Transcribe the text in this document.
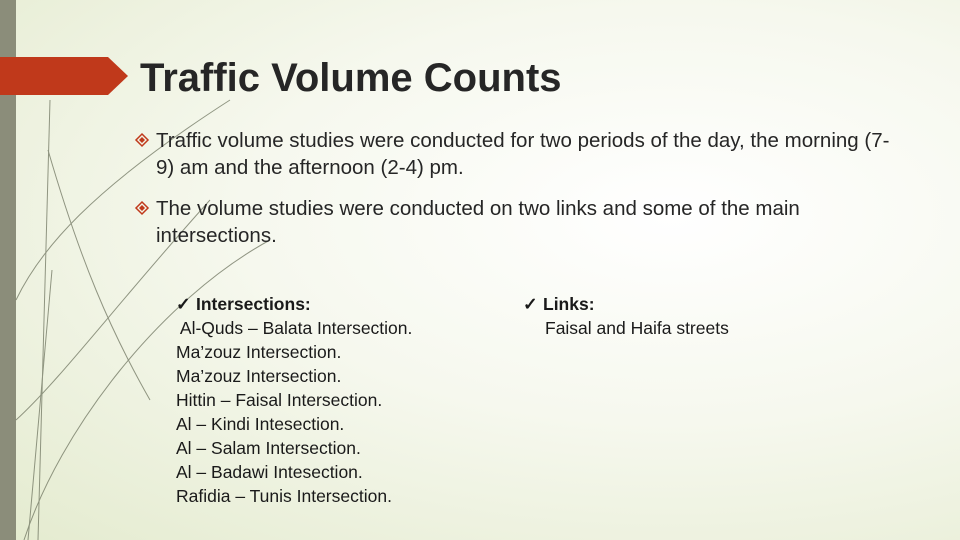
Traffic Volume Counts
Traffic volume studies were conducted for two periods of the day, the morning (7-9) am and the afternoon (2-4) pm.
The volume studies were conducted on two links and some of the main intersections.
✓ Intersections:
Al-Quds – Balata Intersection.
Ma’zouz Intersection.
Ma’zouz Intersection.
Hittin – Faisal Intersection.
Al – Kindi Intesection.
Al – Salam Intersection.
Al – Badawi Intesection.
Rafidia – Tunis Intersection.
✓ Links:
Faisal and Haifa streets
